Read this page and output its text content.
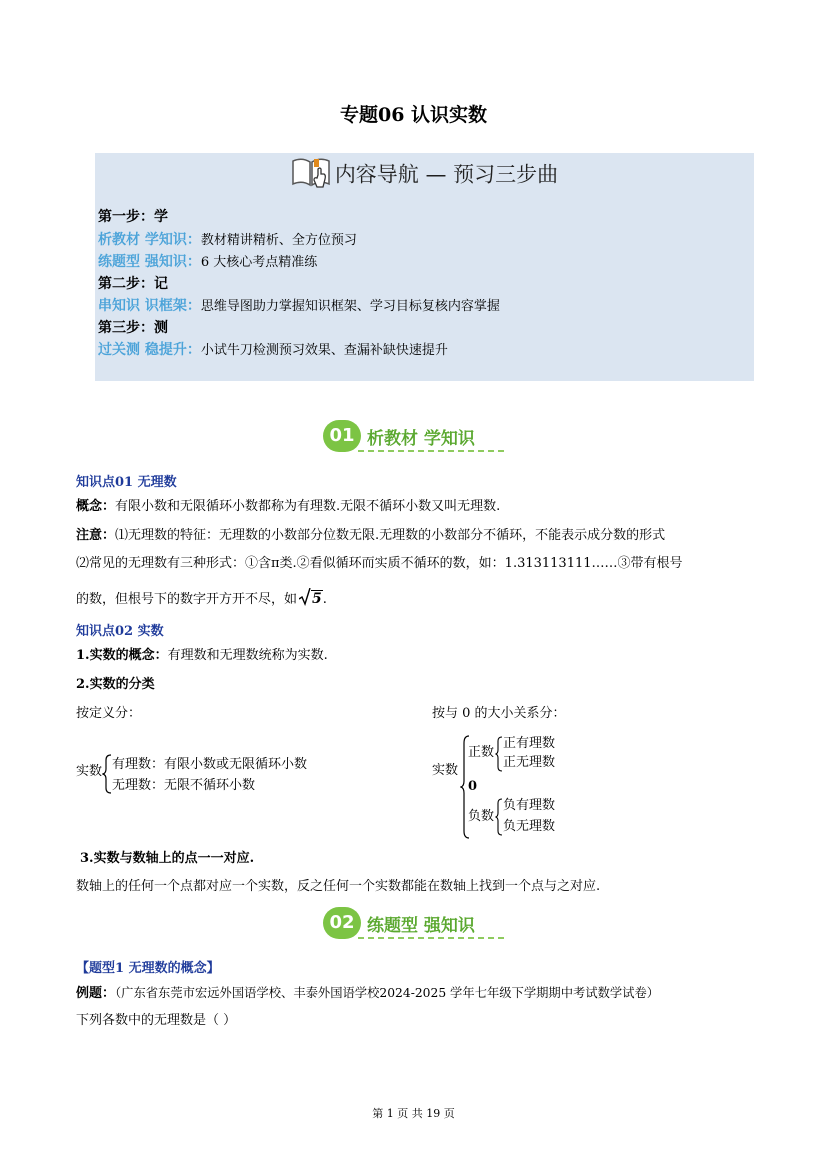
专题06 认识实数
内容导航 — 预习三步曲
第一步：学
析教材 学知识：教材精讲精析、全方位预习
练题型 强知识：6 大核心考点精准练
第二步：记
串知识 识框架：思维导图助力掌握知识框架、学习目标复核内容掌握
第三步：测
过关测 稳提升：小试牛刀检测预习效果、查漏补缺快速提升
01 析教材 学知识
知识点01 无理数
概念：有限小数和无限循环小数都称为有理数.无限不循环小数又叫无理数.
注意：⑴无理数的特征：无理数的小数部分位数无限.无理数的小数部分不循环，不能表示成分数的形式
⑵常见的无理数有三种形式：①含π类.②看似循环而实质不循环的数，如：1.313113111……③带有根号
的数，但根号下的数字开方开不尽，如 5.
知识点02 实数
1.实数的概念：有理数和无理数统称为实数.
2.实数的分类
按定义分：
实数 有理数：有限小数或无限循环小数
无理数：无限不循环小数
按与 0 的大小关系分：
实数
正数
正有理数
正无理数
0
负数
负有理数
负无理数
3.实数与数轴上的点一一对应.
数轴上的任何一个点都对应一个实数，反之任何一个实数都能在数轴上找到一个点与之对应.
02 练题型 强知识
【题型1 无理数的概念】
例题：（广东省东莞市宏远外国语学校、丰泰外国语学校2024-2025 学年七年级下学期期中考试数学试卷）
下列各数中的无理数是（ ）
第 1 页 共 19 页
